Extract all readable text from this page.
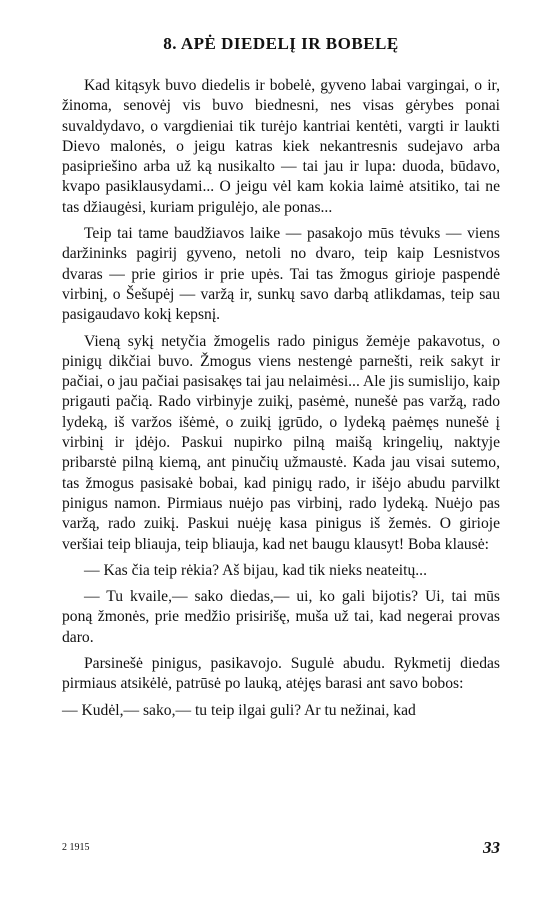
8. APĖ DIEDELĮ IR BOBELĘ

Kad kitąsyk buvo diedelis ir bobelė, gyveno labai vargingai, o ir, žinoma, senovėj vis buvo biednesni, nes visas gėrybes ponai suvaldydavo, o vargdieniai tik turėjo kantriai kentėti, vargti ir laukti Dievo malonės, o jeigu katras kiek nekantresnis sudejavo arba pasipriešino arba už ką nusikalto — tai jau ir lupa: duoda, būdavo, kvapo pasiklausydami... O jeigu vėl kam kokia laimė atsitiko, tai ne tas džiaugėsi, kuriam prigulėjo, ale ponas...

Teip tai tame baudžiavos laike — pasakojo mūs tėvuks — viens daržininks pagirij gyveno, netoli no dvaro, teip kaip Lesnistvos dvaras — prie girios ir prie upės. Tai tas žmogus girioje paspendė virbinį, o Šešupėj — varžą ir, sunkų savo darbą atlikdamas, teip sau pasigaudavo kokį kepsnį.

Vieną sykį netyčia žmogelis rado pinigus žemėje pakavotus, o pinigų dikčiai buvo. Žmogus viens nestengė parnešti, reik sakyt ir pačiai, o jau pačiai pasisakęs tai jau nelaimėsi... Ale jis sumislijo, kaip prigauti pačią. Rado virbinyje zuikį, pasėmė, nunešė pas varžą, rado lydeką, iš varžos išėmė, o zuikį įgrūdo, o lydeką paėmęs nunešė į virbinį ir įdėjo. Paskui nupirko pilną maišą kringelių, naktyje pribarstė pilną kiemą, ant pinučių užmaustė. Kada jau visai sutemo, tas žmogus pasisakė bobai, kad pinigų rado, ir išėjo abudu parvilkt pinigus namon. Pirmiaus nuėjo pas virbinį, rado lydeką. Nuėjo pas varžą, rado zuikį. Paskui nuėję kasa pinigus iš žemės. O girioje veršiai teip bliauja, teip bliauja, kad net baugu klausyt! Boba klausė:

— Kas čia teip rėkia? Aš bijau, kad tik nieks neateitų...

— Tu kvaile,— sako diedas,— ui, ko gali bijotis? Ui, tai mūs poną žmonės, prie medžio prisirišę, muša už tai, kad negerai provas daro.

Parsinešė pinigus, pasikavojo. Sugulė abudu. Rykmetij diedas pirmiaus atsikėlė, patrūsė po lauką, atėjęs barasi ant savo bobos:

— Kudėl,— sako,— tu teip ilgai guli? Ar tu nežinai, kad

2 1915	33
